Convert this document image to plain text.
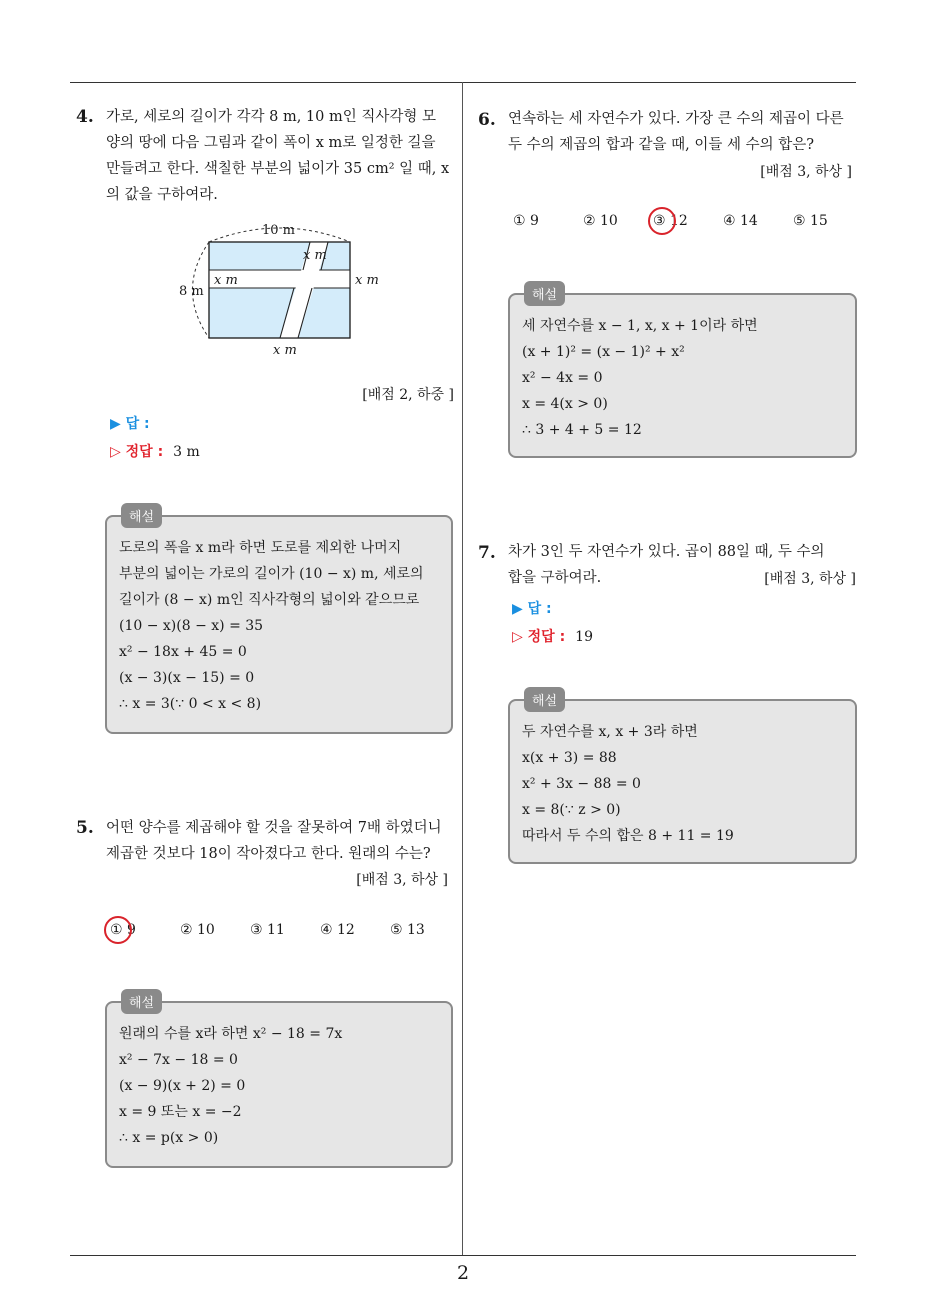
4. 가로, 세로의 길이가 각각 8 m, 10 m인 직사각형 모
양의 땅에 다음 그림과 같이 폭이 x m로 일정한 길을
만들려고 한다. 색칠한 부분의 넓이가 35 cm² 일 때, x
의 값을 구하여라.
10 m
8 m
x m
x m	x m
x m
[배점 2, 하중 ]
▶ 답 :
▷ 정답 : 3 m
해설
도로의 폭을 x m라 하면 도로를 제외한 나머지
부분의 넓이는 가로의 길이가 (10 − x) m, 세로의
길이가 (8 − x) m인 직사각형의 넓이와 같으므로
(10 − x)(8 − x) = 35
x² − 18x + 45 = 0
(x − 3)(x − 15) = 0
∴ x = 3(∵ 0 < x < 8)
5. 어떤 양수를 제곱해야 할 것을 잘못하여 7배 하였더니
제곱한 것보다 18이 작아졌다고 한다. 원래의 수는?
[배점 3, 하상 ]
① 9	② 10	③ 11	④ 12	⑤ 13
해설
원래의 수를 x라 하면 x² − 18 = 7x
x² − 7x − 18 = 0
(x − 9)(x + 2) = 0
x = 9 또는 x = −2
∴ x = p(x > 0)
6. 연속하는 세 자연수가 있다. 가장 큰 수의 제곱이 다른
두 수의 제곱의 합과 같을 때, 이들 세 수의 합은?
[배점 3, 하상 ]
① 9	② 10	③ 12	④ 14	⑤ 15
해설
세 자연수를 x − 1, x, x + 1이라 하면
(x + 1)² = (x − 1)² + x²
x² − 4x = 0
x = 4(x > 0)
∴ 3 + 4 + 5 = 12
7. 차가 3인 두 자연수가 있다. 곱이 88일 때, 두 수의
합을 구하여라.	[배점 3, 하상 ]
▶ 답 :
▷ 정답 : 19
해설
두 자연수를 x, x + 3라 하면
x(x + 3) = 88
x² + 3x − 88 = 0
x = 8(∵ z > 0)
따라서 두 수의 합은 8 + 11 = 19
2
